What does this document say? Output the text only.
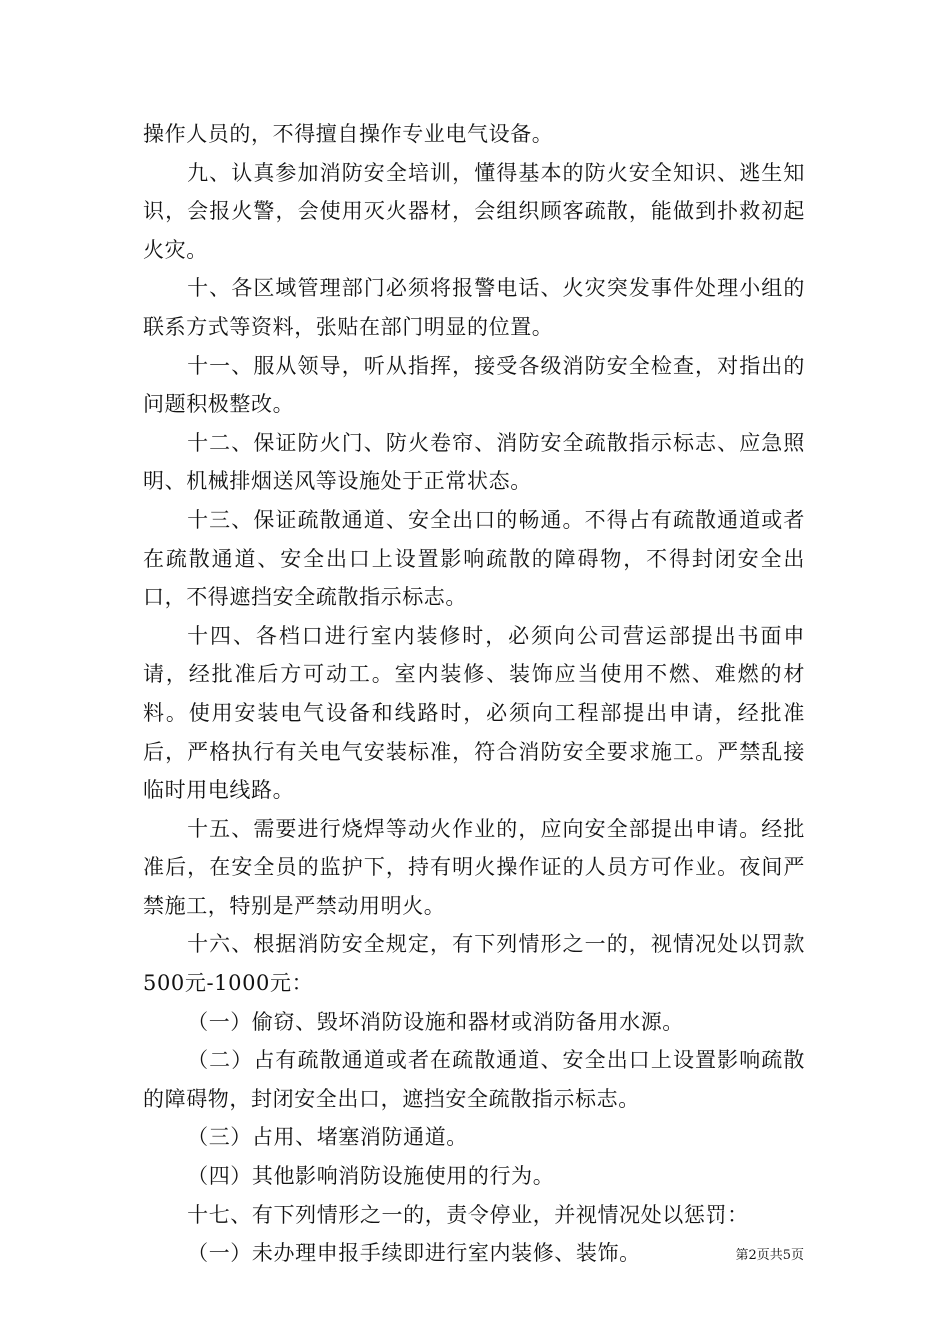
操作人员的，不得擅自操作专业电气设备。

九、认真参加消防安全培训，懂得基本的防火安全知识、逃生知识，会报火警，会使用灭火器材，会组织顾客疏散，能做到扑救初起火灾。

十、各区域管理部门必须将报警电话、火灾突发事件处理小组的联系方式等资料，张贴在部门明显的位置。

十一、服从领导，听从指挥，接受各级消防安全检查，对指出的问题积极整改。

十二、保证防火门、防火卷帘、消防安全疏散指示标志、应急照明、机械排烟送风等设施处于正常状态。

十三、保证疏散通道、安全出口的畅通。不得占有疏散通道或者在疏散通道、安全出口上设置影响疏散的障碍物，不得封闭安全出口，不得遮挡安全疏散指示标志。

十四、各档口进行室内装修时，必须向公司营运部提出书面申请，经批准后方可动工。室内装修、装饰应当使用不燃、难燃的材料。使用安装电气设备和线路时，必须向工程部提出申请，经批准后，严格执行有关电气安装标准，符合消防安全要求施工。严禁乱接临时用电线路。

十五、需要进行烧焊等动火作业的，应向安全部提出申请。经批准后，在安全员的监护下，持有明火操作证的人员方可作业。夜间严禁施工，特别是严禁动用明火。

十六、根据消防安全规定，有下列情形之一的，视情况处以罚款500元-1000元：

（一）偷窃、毁坏消防设施和器材或消防备用水源。

（二）占有疏散通道或者在疏散通道、安全出口上设置影响疏散的障碍物，封闭安全出口，遮挡安全疏散指示标志。

（三）占用、堵塞消防通道。

（四）其他影响消防设施使用的行为。

十七、有下列情形之一的，责令停业，并视情况处以惩罚：

（一）未办理申报手续即进行室内装修、装饰。	第2页共5页
